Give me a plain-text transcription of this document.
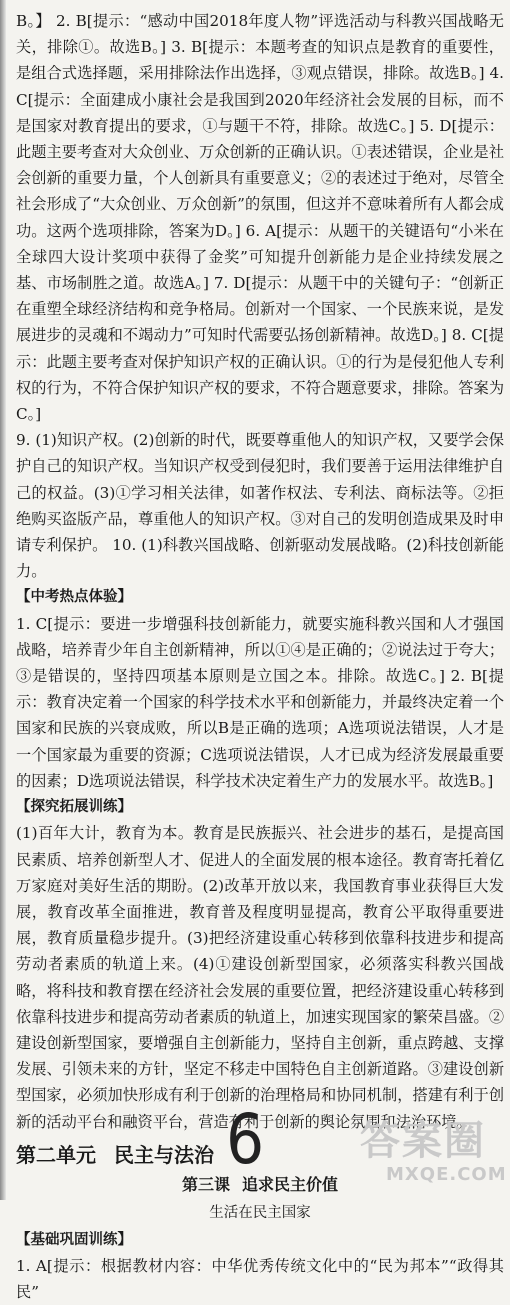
B。】 2. B[提示：“感动中国2018年度人物”评选活动与科教兴国战略无关，排除①。故选B。] 3. B[提示：本题考查的知识点是教育的重要性，是组合式选择题，采用排除法作出选择，③观点错误，排除。故选B。] 4. C[提示：全面建成小康社会是我国到2020年经济社会发展的目标，而不是国家对教育提出的要求，①与题干不符，排除。故选C。] 5. D[提示：此题主要考查对大众创业、万众创新的正确认识。①表述错误，企业是社会创新的重要力量，个人创新具有重要意义；②的表述过于绝对，尽管全社会形成了“大众创业、万众创新”的氛围，但这并不意味着所有人都会成功。这两个选项排除，答案为D。] 6. A[提示：从题干的关键语句“小米在全球四大设计奖项中获得了金奖”可知提升创新能力是企业持续发展之基、市场制胜之道。故选A。] 7. D[提示：从题干中的关键句子：“创新正在重塑全球经济结构和竞争格局。创新对一个国家、一个民族来说，是发展进步的灵魂和不竭动力”可知时代需要弘扬创新精神。故选D。] 8. C[提示：此题主要考查对保护知识产权的正确认识。①的行为是侵犯他人专利权的行为，不符合保护知识产权的要求，不符合题意要求，排除。答案为C。]

9. (1)知识产权。(2)创新的时代，既要尊重他人的知识产权，又要学会保护自己的知识产权。当知识产权受到侵犯时，我们要善于运用法律维护自己的权益。(3)①学习相关法律，如著作权法、专利法、商标法等。②拒绝购买盗版产品，尊重他人的知识产权。③对自己的发明创造成果及时申请专利保护。 10. (1)科教兴国战略、创新驱动发展战略。(2)科技创新能力。

【中考热点体验】

1. C[提示：要进一步增强科技创新能力，就要实施科教兴国和人才强国战略，培养青少年自主创新精神，所以①④是正确的；②说法过于夸大；③是错误的，坚持四项基本原则是立国之本。排除。故选C。] 2. B[提示：教育决定着一个国家的科学技术水平和创新能力，并最终决定着一个国家和民族的兴衰成败，所以B是正确的选项；A选项说法错误，人才是一个国家最为重要的资源；C选项说法错误，人才已成为经济发展最重要的因素；D选项说法错误，科学技术决定着生产力的发展水平。故选B。]

【探究拓展训练】

(1)百年大计，教育为本。教育是民族振兴、社会进步的基石，是提高国民素质、培养创新型人才、促进人的全面发展的根本途径。教育寄托着亿万家庭对美好生活的期盼。(2)改革开放以来，我国教育事业获得巨大发展，教育改革全面推进，教育普及程度明显提高，教育公平取得重要进展，教育质量稳步提升。(3)把经济建设重心转移到依靠科技进步和提高劳动者素质的轨道上来。(4)①建设创新型国家，必须落实科教兴国战略，将科技和教育摆在经济社会发展的重要位置，把经济建设重心转移到依靠科技进步和提高劳动者素质的轨道上，加速实现国家的繁荣昌盛。②建设创新型国家，要增强自主创新能力，坚持自主创新，重点跨越、支撑发展、引领未来的方针，坚定不移走中国特色自主创新道路。③建设创新型国家，必须加快形成有利于创新的治理格局和协同机制，搭建有利于创新的活动平台和融资平台，营造有利于创新的舆论氛围和法治环境。

第二单元 民主与法治
第三课 追求民主价值
生活在民主国家

【基础巩固训练】

1. A[提示：根据教材内容：中华优秀传统文化中的“民为邦本”“政得其民”

6 答案圈
MXQE.COM
